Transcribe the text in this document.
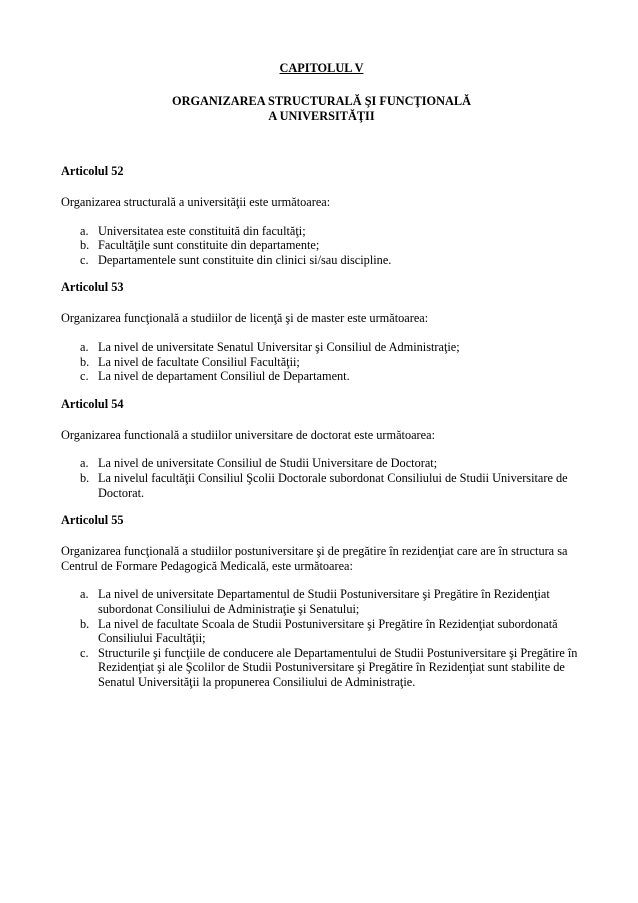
CAPITOLUL V
ORGANIZAREA STRUCTURALĂ ŞI FUNCŢIONALĂ
A UNIVERSITĂŢII
Articolul 52
Organizarea structurală a universităţii este următoarea:
a. Universitatea este constituită din facultăţi;
b. Facultăţile sunt constituite din departamente;
c. Departamentele sunt constituite din clinici si/sau discipline.
Articolul 53
Organizarea funcţională a studiilor de licenţă şi de master este următoarea:
a. La nivel de universitate Senatul Universitar şi Consiliul de Administraţie;
b. La nivel de facultate Consiliul Facultăţii;
c. La nivel de departament Consiliul de Departament.
Articolul 54
Organizarea functională a studiilor universitare de doctorat este următoarea:
a. La nivel de universitate Consiliul de Studii Universitare de Doctorat;
b. La nivelul facultăţii Consiliul Şcolii Doctorale subordonat Consiliului de Studii Universitare de Doctorat.
Articolul 55
Organizarea funcţională a studiilor postuniversitare şi de pregătire în rezidenţiat care are în structura sa Centrul de Formare Pedagogică Medicală, este următoarea:
a. La nivel de universitate Departamentul de Studii Postuniversitare şi Pregătire în Rezidenţiat subordonat Consiliului de Administraţie şi Senatului;
b. La nivel de facultate Scoala de Studii Postuniversitare şi Pregătire în Rezidenţiat subordonată Consiliului Facultăţii;
c. Structurile şi funcţiile de conducere ale Departamentului de Studii Postuniversitare şi Pregătire în Rezidenţiat şi ale Şcolilor de Studii Postuniversitare şi Pregătire în Rezidenţiat sunt stabilite de Senatul Universităţii la propunerea Consiliului de Administraţie.
